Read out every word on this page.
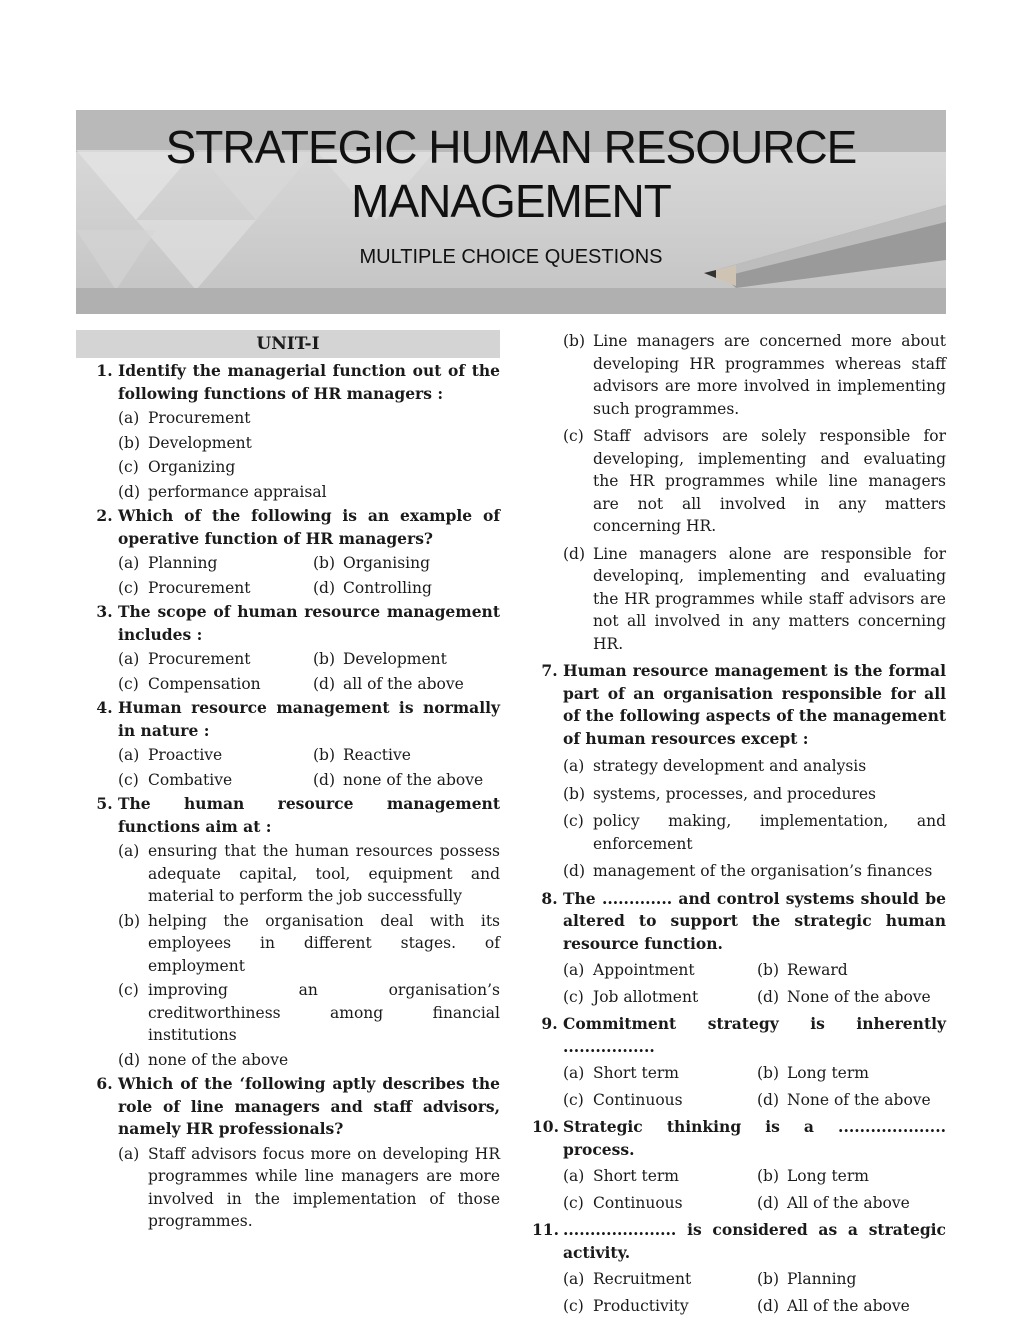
STRATEGIC HUMAN RESOURCE
MANAGEMENT
MULTIPLE CHOICE QUESTIONS
UNIT-I
1. Identify the managerial function out of the following functions of HR managers :
(a) Procurement
(b) Development
(c) Organizing
(d) performance appraisal
2. Which of the following is an example of operative function of HR managers?
(a) Planning	(b) Organising
(c) Procurement	(d) Controlling
3. The scope of human resource management includes :
(a) Procurement	(b) Development
(c) Compensation	(d) all of the above
4. Human resource management is normally in nature :
(a) Proactive	(b) Reactive
(c) Combative	(d) none of the above
5. The human resource management functions aim at :
(a) ensuring that the human resources possess adequate capital, tool, equipment and material to perform the job successfully
(b) helping the organisation deal with its employees in different stages. of employment
(c) improving an organisation’s creditworthiness among financial institutions
(d) none of the above
6. Which of the ‘following aptly describes the role of line managers and staff advisors, namely HR professionals?
(a) Staff advisors focus more on developing HR programmes while line managers are more involved in the implementation of those programmes.
(b) Line managers are concerned more about developing HR programmes whereas staff advisors are more involved in implementing such programmes.
(c) Staff advisors are solely responsible for developing, implementing and evaluating the HR programmes while line managers are not all involved in any matters concerning HR.
(d) Line managers alone are responsible for developinq, implementing and evaluating the HR programmes while staff advisors are not all involved in any matters concerning HR.
7. Human resource management is the formal part of an organisation responsible for all of the following aspects of the management of human resources except :
(a) strategy development and analysis
(b) systems, processes, and procedures
(c) policy making, implementation, and enforcement
(d) management of the organisation’s finances
8. The ............. and control systems should be altered to support the strategic human resource function.
(a) Appointment	(b) Reward
(c) Job allotment	(d) None of the above
9. Commitment strategy is inherently .................
(a) Short term	(b) Long term
(c) Continuous	(d) None of the above
10. Strategic thinking is a .................... process.
(a) Short term	(b) Long term
(c) Continuous	(d) All of the above
11. ..................... is considered as a strategic activity.
(a) Recruitment	(b) Planning
(c) Productivity	(d) All of the above
